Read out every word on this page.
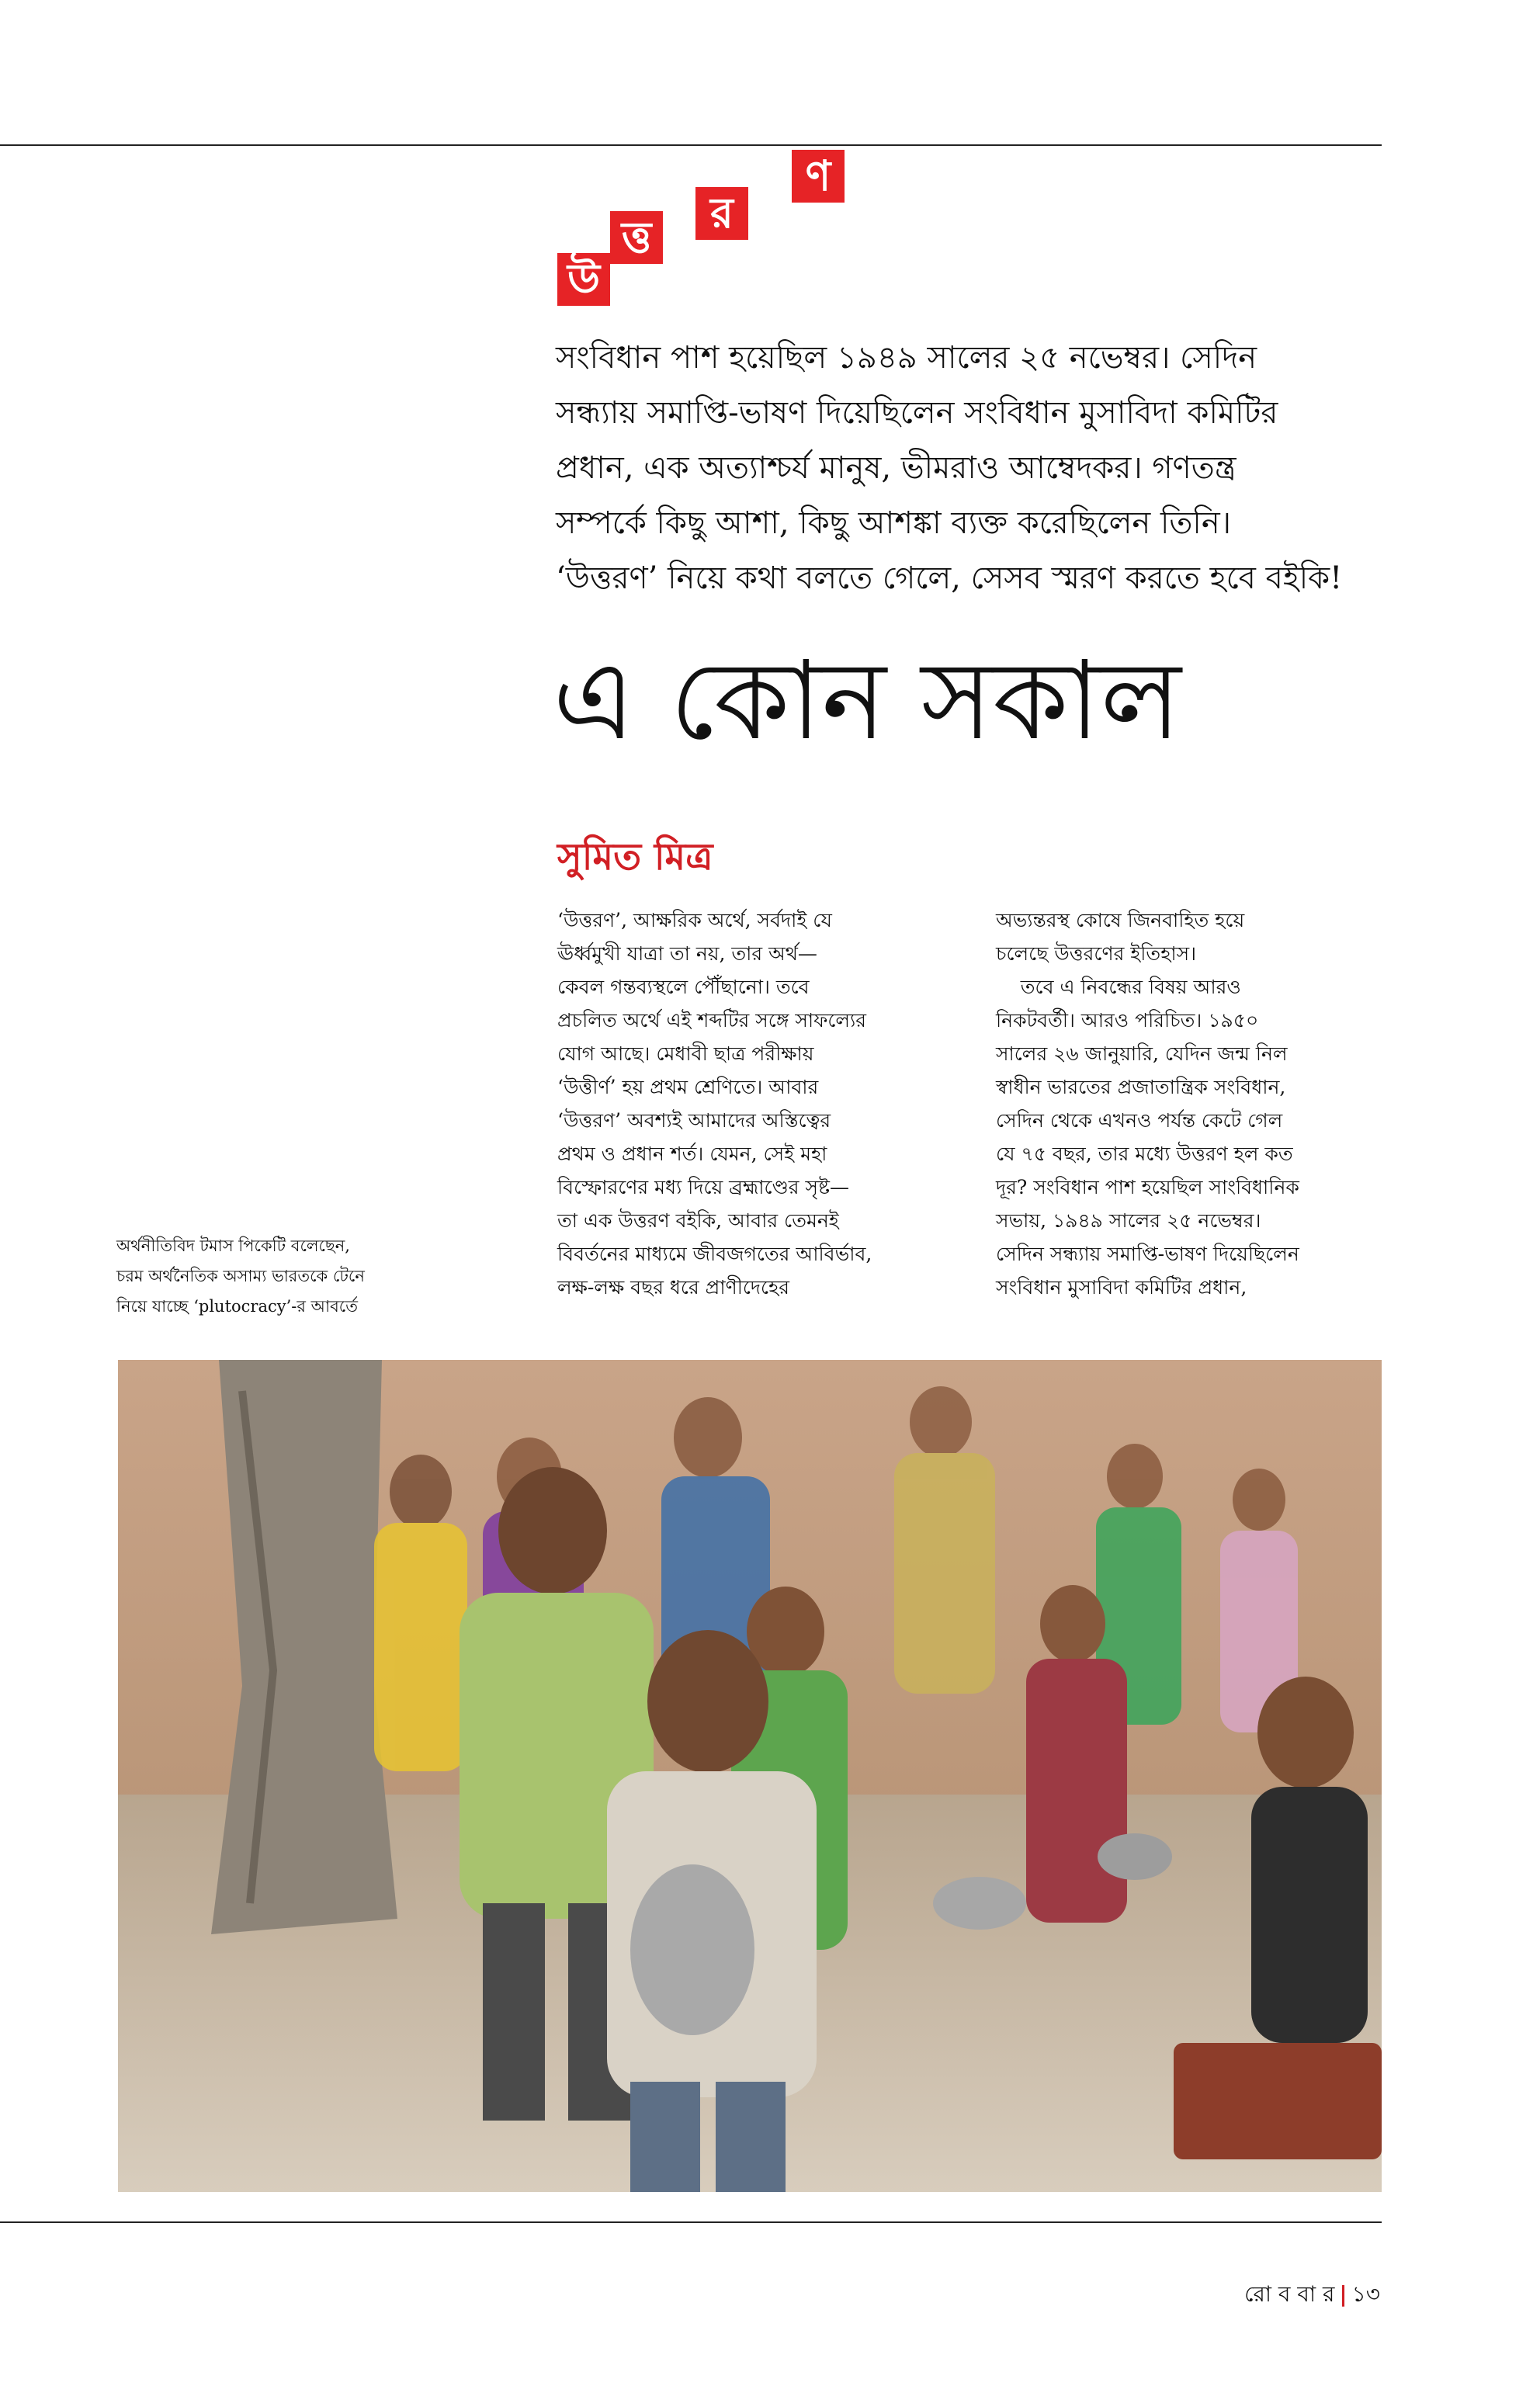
উ
ত্ত	র
ণ

সংবিধান পাশ হয়েছিল ১৯৪৯ সালের ২৫ নভেম্বর। সেদিন

সন্ধ্যায় সমাপ্তি-ভাষণ দিয়েছিলেন সংবিধান মুসাবিদা কমিটির

প্রধান, এক অত্যাশ্চর্য মানুষ, ভীমরাও আম্বেদকর। গণতন্ত্র

সম্পর্কে কিছু আশা, কিছু আশঙ্কা ব্যক্ত করেছিলেন তিনি।

‘উত্তরণ’ নিয়ে কথা বলতে গেলে, সেসব স্মরণ করতে হবে বইকি!

এ কোন সকাল
সুমিত মিত্র

‘উত্তরণ’, আক্ষরিক অর্থে, সর্বদাই যে

ঊর্ধ্বমুখী যাত্রা তা নয়, তার অর্থ—

কেবল গন্তব্যস্থলে পৌঁছানো। তবে

প্রচলিত অর্থে এই শব্দটির সঙ্গে সাফল্যের

যোগ আছে। মেধাবী ছাত্র পরীক্ষায়

‘উত্তীর্ণ’ হয় প্রথম শ্রেণিতে। আবার

‘উত্তরণ’ অবশ্যই আমাদের অস্তিত্বের

প্রথম ও প্রধান শর্ত। যেমন, সেই মহা

বিস্ফোরণের মধ্য দিয়ে ব্রহ্মাণ্ডের সৃষ্ট—

তা এক উত্তরণ বইকি, আবার তেমনই

বিবর্তনের মাধ্যমে জীবজগতের আবির্ভাব,

লক্ষ-লক্ষ বছর ধরে প্রাণীদেহের

অভ্যন্তরস্থ কোষে জিনবাহিত হয়ে

চলেছে উত্তরণের ইতিহাস।

তবে এ নিবন্ধের বিষয় আরও

নিকটবর্তী। আরও পরিচিত। ১৯৫০

সালের ২৬ জানুয়ারি, যেদিন জন্ম নিল

স্বাধীন ভারতের প্রজাতান্ত্রিক সংবিধান,

সেদিন থেকে এখনও পর্যন্ত কেটে গেল

যে ৭৫ বছর, তার মধ্যে উত্তরণ হল কত

দূর? সংবিধান পাশ হয়েছিল সাংবিধানিক

সভায়, ১৯৪৯ সালের ২৫ নভেম্বর।

সেদিন সন্ধ্যায় সমাপ্তি-ভাষণ দিয়েছিলেন

সংবিধান মুসাবিদা কমিটির প্রধান,

অর্থনীতিবিদ টমাস পিকেটি বলেছেন,

চরম অর্থনৈতিক অসাম্য ভারতকে টেনে

নিয়ে যাচ্ছে ‘plutocracy’-র আবর্তে

রো ব বা র | ১৩
